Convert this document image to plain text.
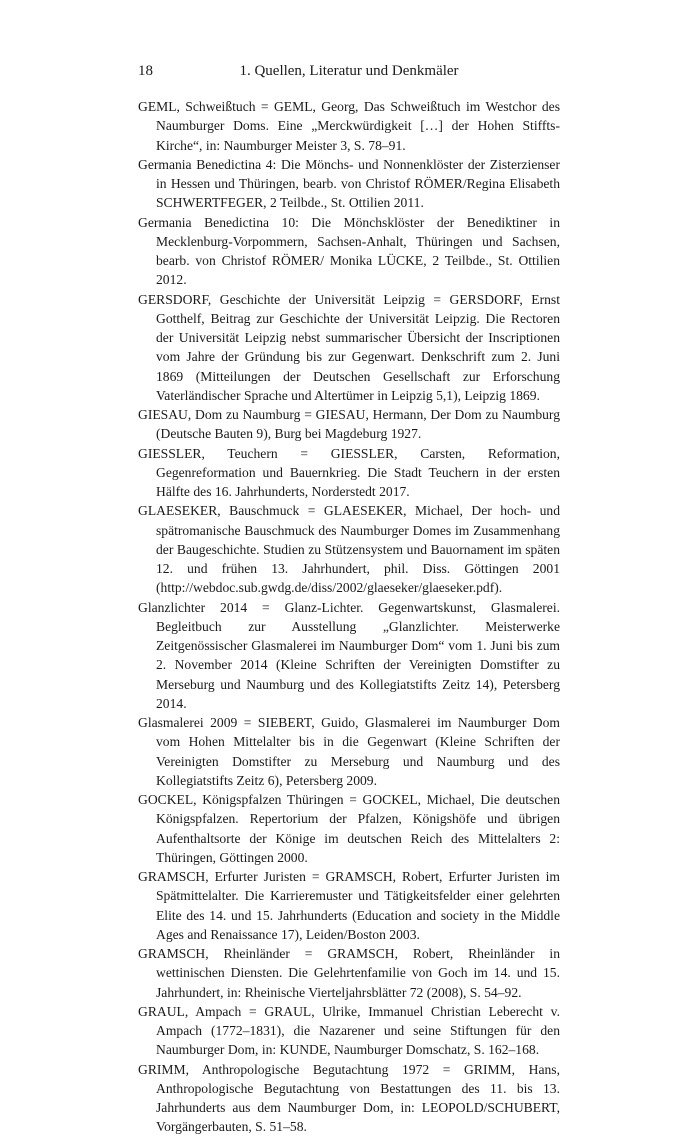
18	1. Quellen, Literatur und Denkmäler

GEML, Schweißtuch = GEML, Georg, Das Schweißtuch im Westchor des Naumburger Doms. Eine „Merckwürdigkeit […] der Hohen Stiffts-Kirche“, in: Naumburger Meister 3, S. 78–91.

Germania Benedictina 4: Die Mönchs- und Nonnenklöster der Zisterzienser in Hessen und Thüringen, bearb. von Christof RÖMER/Regina Elisabeth SCHWERTFEGER, 2 Teilbde., St. Ottilien 2011.

Germania Benedictina 10: Die Mönchsklöster der Benediktiner in Mecklenburg-Vorpommern, Sachsen-Anhalt, Thüringen und Sachsen, bearb. von Christof RÖMER/ Monika LÜCKE, 2 Teilbde., St. Ottilien 2012.

GERSDORF, Geschichte der Universität Leipzig = GERSDORF, Ernst Gotthelf, Beitrag zur Geschichte der Universität Leipzig. Die Rectoren der Universität Leipzig nebst summarischer Übersicht der Inscriptionen vom Jahre der Gründung bis zur Gegenwart. Denkschrift zum 2. Juni 1869 (Mitteilungen der Deutschen Gesellschaft zur Erforschung Vaterländischer Sprache und Altertümer in Leipzig 5,1), Leipzig 1869.

GIESAU, Dom zu Naumburg = GIESAU, Hermann, Der Dom zu Naumburg (Deutsche Bauten 9), Burg bei Magdeburg 1927.

GIESSLER, Teuchern = GIESSLER, Carsten, Reformation, Gegenreformation und Bauernkrieg. Die Stadt Teuchern in der ersten Hälfte des 16. Jahrhunderts, Norderstedt 2017.

GLAESEKER, Bauschmuck = GLAESEKER, Michael, Der hoch- und spätromanische Bauschmuck des Naumburger Domes im Zusammenhang der Baugeschichte. Studien zu Stützensystem und Bauornament im späten 12. und frühen 13. Jahrhundert, phil. Diss. Göttingen 2001 (http://webdoc.sub.gwdg.de/diss/2002/glaeseker/glaeseker.pdf).

Glanzlichter 2014 = Glanz-Lichter. Gegenwartskunst, Glasmalerei. Begleitbuch zur Ausstellung „Glanzlichter. Meisterwerke Zeitgenössischer Glasmalerei im Naumburger Dom“ vom 1. Juni bis zum 2. November 2014 (Kleine Schriften der Vereinigten Domstifter zu Merseburg und Naumburg und des Kollegiatstifts Zeitz 14), Petersberg 2014.

Glasmalerei 2009 = SIEBERT, Guido, Glasmalerei im Naumburger Dom vom Hohen Mittelalter bis in die Gegenwart (Kleine Schriften der Vereinigten Domstifter zu Merseburg und Naumburg und des Kollegiatstifts Zeitz 6), Petersberg 2009.

GOCKEL, Königspfalzen Thüringen = GOCKEL, Michael, Die deutschen Königspfalzen. Repertorium der Pfalzen, Königshöfe und übrigen Aufenthaltsorte der Könige im deutschen Reich des Mittelalters 2: Thüringen, Göttingen 2000.

GRAMSCH, Erfurter Juristen = GRAMSCH, Robert, Erfurter Juristen im Spätmittelalter. Die Karrieremuster und Tätigkeitsfelder einer gelehrten Elite des 14. und 15. Jahrhunderts (Education and society in the Middle Ages and Renaissance 17), Leiden/Boston 2003.

GRAMSCH, Rheinländer = GRAMSCH, Robert, Rheinländer in wettinischen Diensten. Die Gelehrtenfamilie von Goch im 14. und 15. Jahrhundert, in: Rheinische Vierteljahrsblätter 72 (2008), S. 54–92.

GRAUL, Ampach = GRAUL, Ulrike, Immanuel Christian Leberecht v. Ampach (1772–1831), die Nazarener und seine Stiftungen für den Naumburger Dom, in: KUNDE, Naumburger Domschatz, S. 162–168.

GRIMM, Anthropologische Begutachtung 1972 = GRIMM, Hans, Anthropologische Begutachtung von Bestattungen des 11. bis 13. Jahrhunderts aus dem Naumburger Dom, in: LEOPOLD/SCHUBERT, Vorgängerbauten, S. 51–58.
